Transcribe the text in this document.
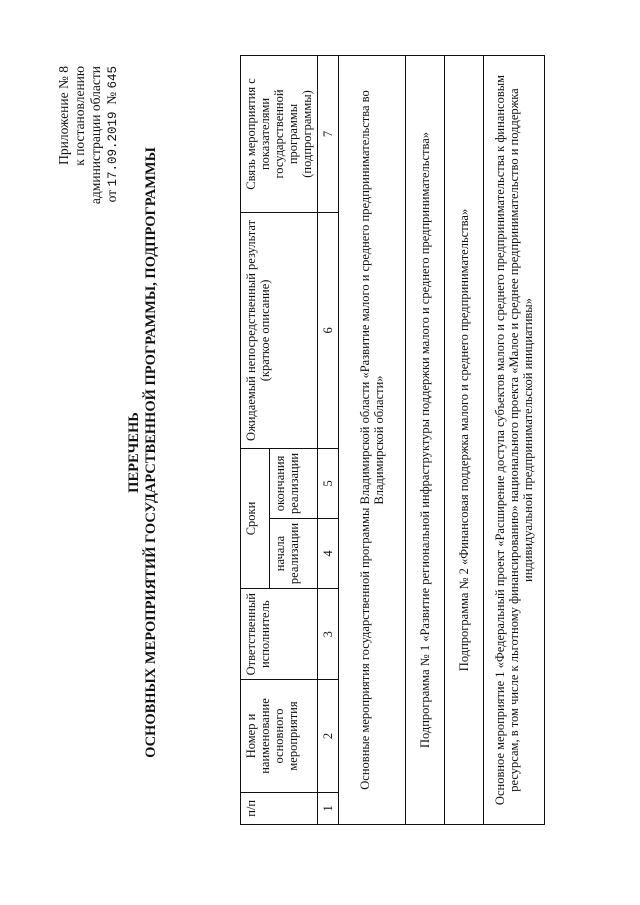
Приложение № 8 к постановлению администрации области от 17.09.2019  № 645
ПЕРЕЧЕНЬ ОСНОВНЫХ МЕРОПРИЯТИЙ ГОСУДАРСТВЕННОЙ ПРОГРАММЫ, ПОДПРОГРАММЫ
п/п	Номер и наименование основного мероприятия	Ответственный исполнитель	Сроки		Ожидаемый непосредственный результат (краткое описание)	Связь мероприятия с показателями государственной программы (подпрограммы)
			начала реализации	окончания реализации		
1	2	3	4	5	6	7
Основные мероприятия государственной программы Владимирской области «Развитие малого и среднего предпринимательства во Владимирской области»						
Подпрограмма № 1 «Развитие региональной инфраструктуры поддержки малого и среднего предпринимательства»						
Подпрограмма № 2 «Финансовая поддержка малого и среднего предпринимательства»						
Основное мероприятие 1 «Федеральный проект «Расширение доступа субъектов малого и среднего предпринимательства к финансовым ресурсам, в том числе к льготному финансированию» национального проекта «Малое и среднее предпринимательство и поддержка индивидуальной предпринимательской инициативы»						
